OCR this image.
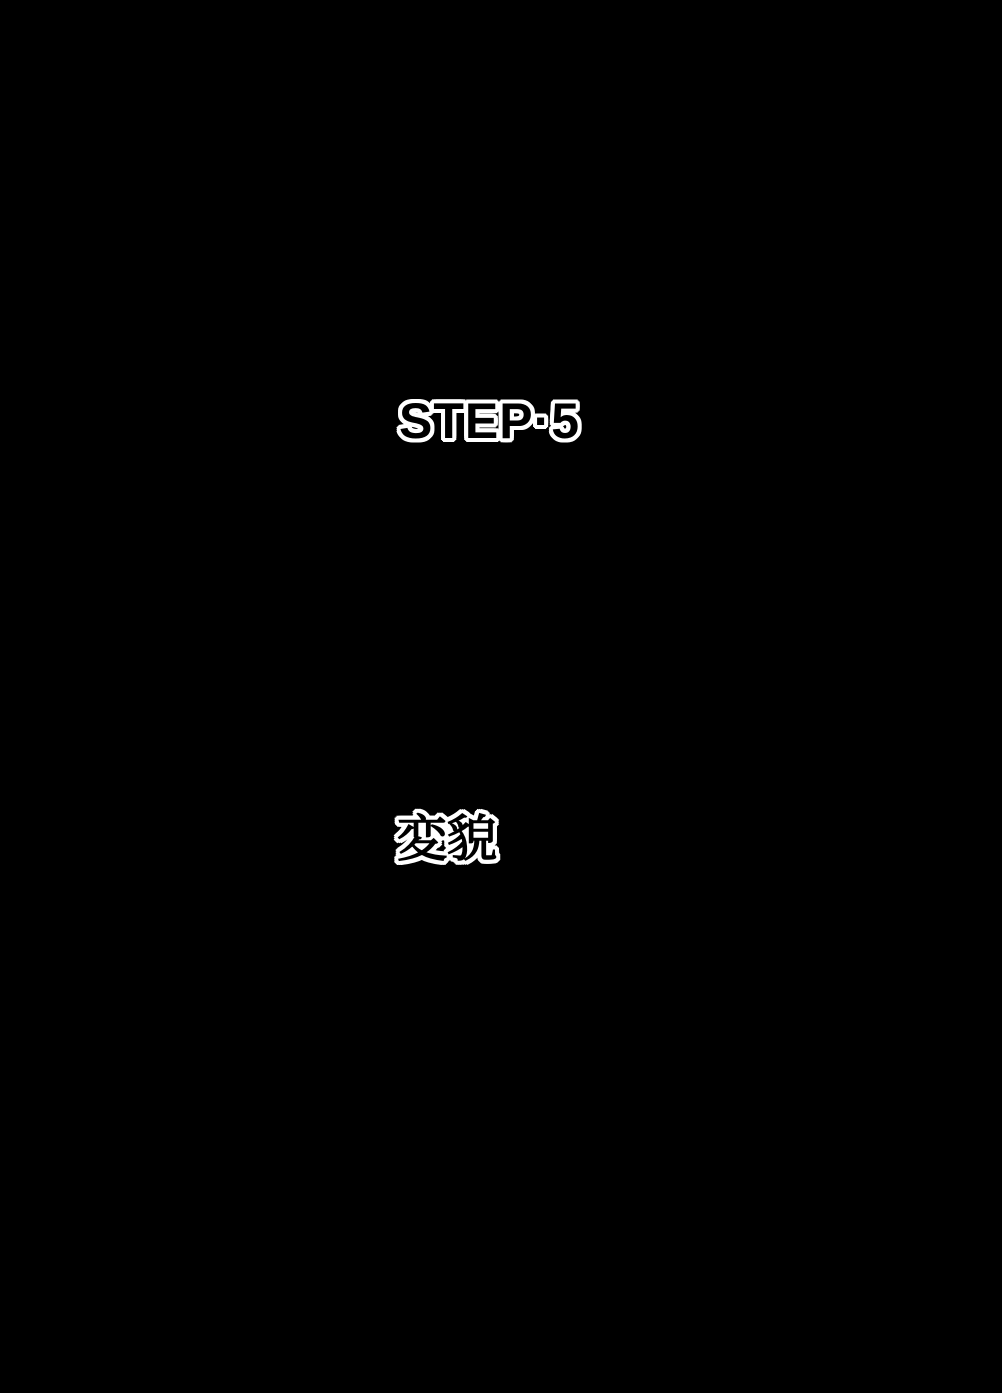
STEP·5
変貌
